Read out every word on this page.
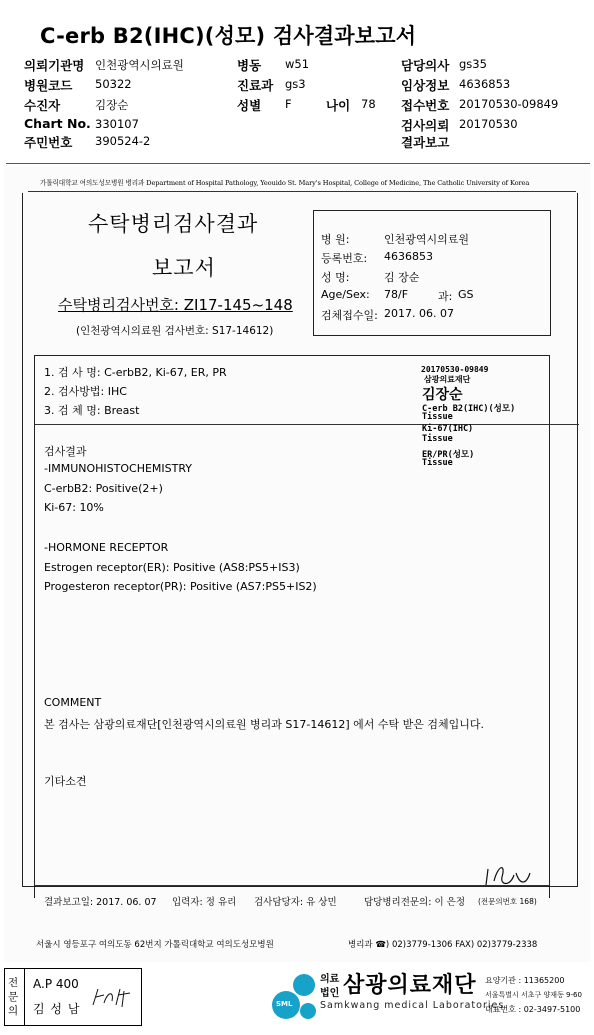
C-erb B2(IHC)(성모) 검사결과보고서
의뢰기관명 인천광역시의료원
병원코드 50322
수진자	김장순
Chart No. 330107
주민번호 390524-2
병동 w51
진료과 gs3
성별 F	나이 78
담당의사 gs35
임상정보 4636853
접수번호 20170530-09849
검사의뢰 20170530
결과보고
가톨릭대학교 여의도성모병원 병리과 Department of Hospital Pathology, Yeouido St. Mary's Hospital, College of Medicine, The Catholic University of Korea
수탁병리검사결과
보고서
수탁병리검사번호: ZI17-145~148
(인천광역시의료원 검사번호: S17-14612)
병 원:	인천광역시의료원
등록번호: 4636853
성 명:	김 장순
Age/Sex: 78/F	과: GS
검체접수일: 2017. 06. 07
1. 검 사 명: C-erbB2, Ki-67, ER, PR
2. 검사방법: IHC
3. 검 체 명: Breast
20170530-09849
삼광의료재단
김장순
C-erb B2(IHC)(성모)
Tissue
Ki-67(IHC)
Tissue
ER/PR(성모)
Tissue
검사결과
-IMMUNOHISTOCHEMISTRY
C-erbB2: Positive(2+)
Ki-67: 10%
-HORMONE RECEPTOR
Estrogen receptor(ER): Positive (AS8:PS5+IS3)
Progesteron receptor(PR): Positive (AS7:PS5+IS2)
COMMENT
본 검사는 삼광의료재단[인천광역시의료원 병리과 S17-14612] 에서 수탁 받은 검체입니다.
기타소견
결과보고일: 2017. 06. 07 입력자: 정 유리 검사담당자: 유 상민	담당병리전문의: 이 은정 (전문의번호 168)
서울시 영등포구 여의도동 62번지 가톨릭대학교 여의도성모병원	병리과 ☎) 02)3779-1306 FAX) 02)3779-2338
전문의
A.P 400
김 성 남	SML
의료
법인 삼광의료재단
Samkwang medical Laboratories
요양기관 : 11365200
서울특별시 서초구 양재동 9-60
대표번호 : 02-3497-5100
